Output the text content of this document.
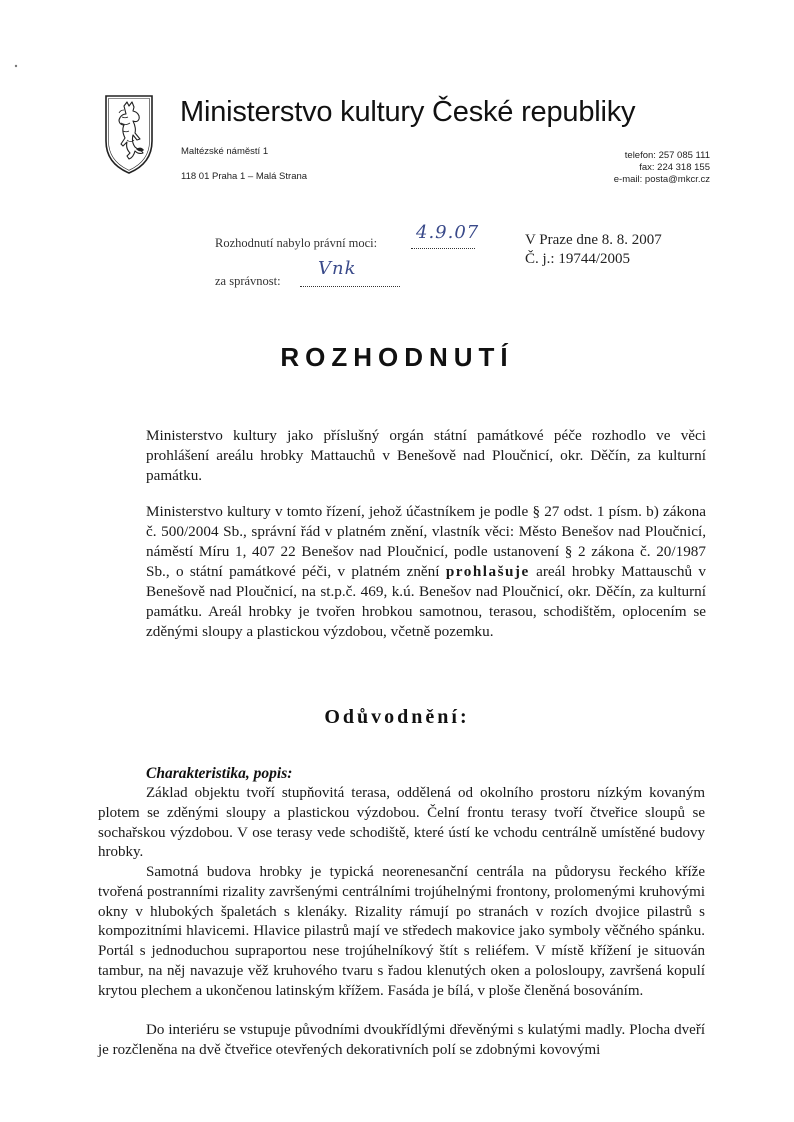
Ministerstvo kultury České republiky
Maltézské náměstí 1
118 01 Praha 1 – Malá Strana
telefon: 257 085 111
fax: 224 318 155
e-mail: posta@mkcr.cz
Rozhodnutí nabylo právní moci: 4.9.07
za správnost:
Vnk
V Praze dne 8. 8. 2007
Č. j.: 19744/2005
ROZHODNUTÍ

Ministerstvo kultury jako příslušný orgán státní památkové péče rozhodlo ve věci prohlášení areálu hrobky Mattauchů v Benešově nad Ploučnicí, okr. Děčín, za kulturní památku.

Ministerstvo kultury v tomto řízení, jehož účastníkem je podle § 27 odst. 1 písm. b) zákona č. 500/2004 Sb., správní řád v platném znění, vlastník věci: Město Benešov nad Ploučnicí, náměstí Míru 1, 407 22 Benešov nad Ploučnicí, podle ustanovení § 2 zákona č. 20/1987 Sb., o státní památkové péči, v platném znění prohlašuje areál hrobky Mattauschů v Benešově nad Ploučnicí, na st.p.č. 469, k.ú. Benešov nad Ploučnicí, okr. Děčín, za kulturní památku. Areál hrobky je tvořen hrobkou samotnou, terasou, schodištěm, oplocením se zděnými sloupy a plastickou výzdobou, včetně pozemku.

Odůvodnění:
Charakteristika, popis:

Základ objektu tvoří stupňovitá terasa, oddělená od okolního prostoru nízkým kovaným plotem se zděnými sloupy a plastickou výzdobou. Čelní frontu terasy tvoří čtveřice sloupů se sochařskou výzdobou. V ose terasy vede schodiště, které ústí ke vchodu centrálně umístěné budovy hrobky.

Samotná budova hrobky je typická neorenesanční centrála na půdorysu řeckého kříže tvořená postranními rizality završenými centrálními trojúhelnými frontony, prolomenými kruhovými okny v hlubokých špaletách s klenáky. Rizality rámují po stranách v rozích dvojice pilastrů s kompozitními hlavicemi. Hlavice pilastrů mají ve středech makovice jako symboly věčného spánku. Portál s jednoduchou supraportou nese trojúhelníkový štít s reliéfem. V místě křížení je situován tambur, na něj navazuje věž kruhového tvaru s řadou klenutých oken a polosloupy, završená kopulí krytou plechem a ukončenou latinským křížem. Fasáda je bílá, v ploše členěná bosováním.

Do interiéru se vstupuje původními dvoukřídlými dřevěnými s kulatými madly. Plocha dveří je rozčleněna na dvě čtveřice otevřených dekorativních polí se zdobnými kovovými
